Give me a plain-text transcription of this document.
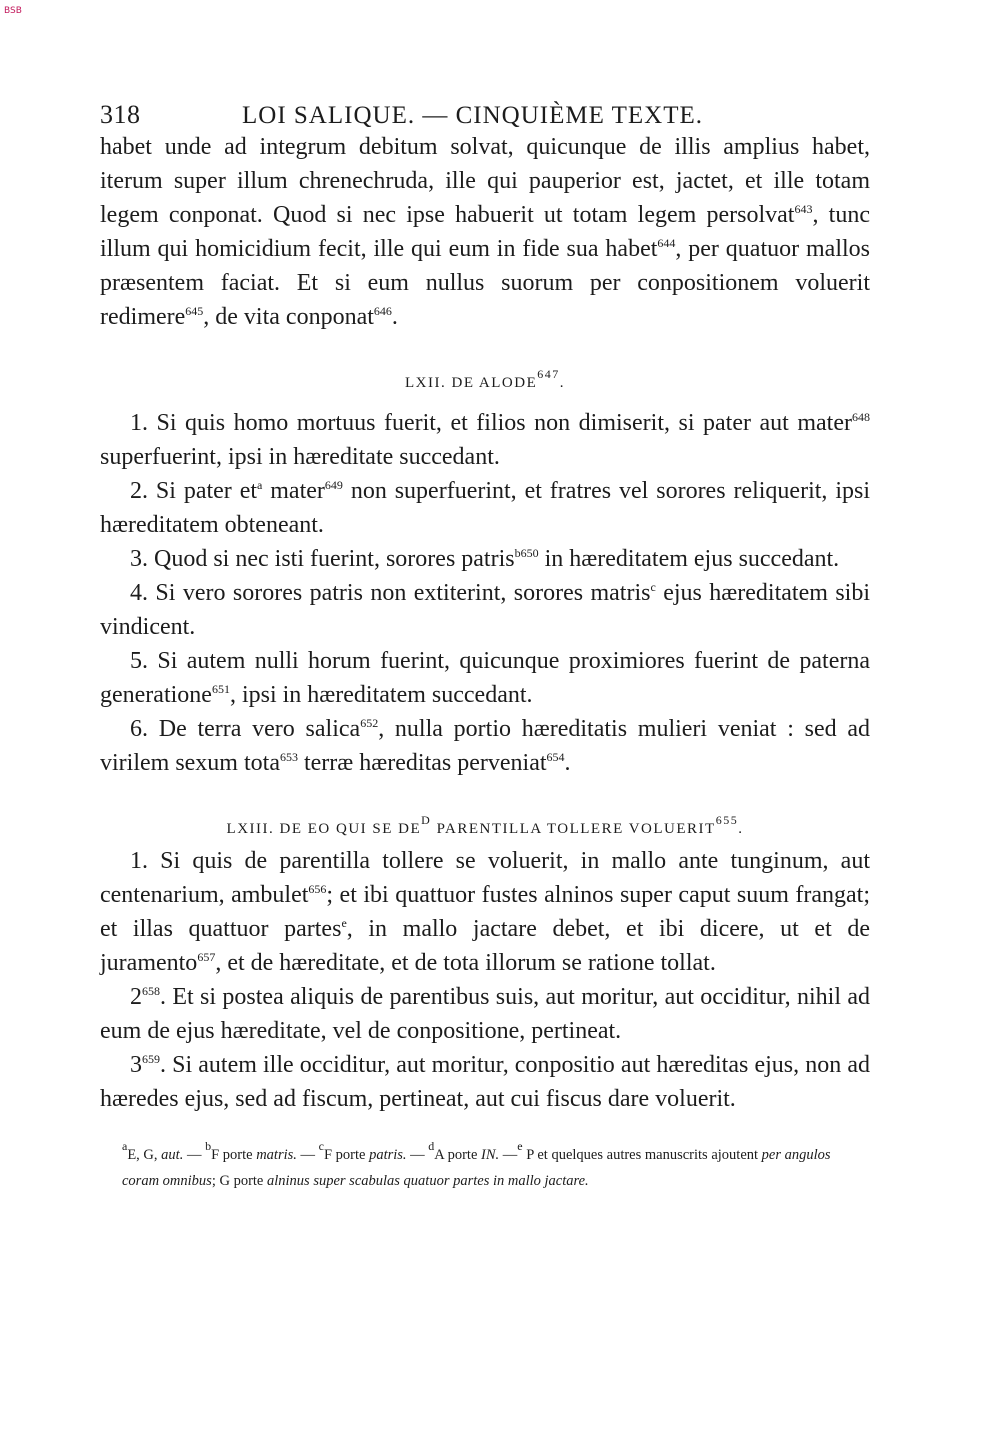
BSB
318	LOI SALIQUE. — CINQUIÈME TEXTE.

habet unde ad integrum debitum solvat, quicunque de illis amplius habet, iterum super illum chrenechruda, ille qui pauperior est, jactet, et ille totam legem conponat. Quod si nec ipse habuerit ut totam legem persolvat$^{643}$, tunc illum qui homicidium fecit, ille qui eum in fide sua habet$^{644}$, per quatuor mallos præsentem faciat. Et si eum nullus suorum per conpositionem voluerit redimere$^{645}$, de vita conponat$^{646}$.

LXII. DE ALODE$^{647}$.

1. Si quis homo mortuus fuerit, et filios non dimiserit, si pater aut mater$^{648}$ superfuerint, ipsi in hæreditate succedant.

2. Si pater $et^a$ mater$^{649}$ non superfuerint, et fratres vel sorores reliquerit, ipsi hæreditatem obteneant.

3. Quod si nec isti fuerint, sorores patris$^{b650}$ in hæreditatem ejus succedant.

4. Si vero sorores patris non extiterint, sorores matris$^c$ ejus hæreditatem sibi vindicent.

5. Si autem nulli horum fuerint, quicunque proximiores fuerint de paterna generatione$^{651}$, ipsi in hæreditatem succedant.

6. De terra vero salica$^{652}$, nulla portio hæreditatis mulieri veniat : sed ad virilem sexum tota$^{653}$ terræ hæreditas perveniat$^{654}$.

LXIII. DE EO QUI SE $DE^D$ PARENTILLA TOLLERE VOLUERIT$^{655}$.

1. Si quis de parentilla tollere se voluerit, in mallo ante tunginum, aut centenarium, ambulet$^{656}$; et ibi quattuor fustes alninos super caput suum frangat; et illas quattuor partes$^e$, in mallo jactare debet, et ibi dicere, ut et de juramento$^{657}$, et de hæreditate, et de tota illorum se ratione tollat.

$2^{658}$. Et si postea aliquis de parentibus suis, aut moritur, aut occiditur, nihil ad eum de ejus hæreditate, vel de conpositione, pertineat.

$3^{659}$. Si autem ille occiditur, aut moritur, conpositio aut hæreditas ejus, non ad hæredes ejus, sed ad fiscum, pertineat, aut cui fiscus dare voluerit.

$^a$E, G, aut. — $^b$F porte matris. — $^c$F porte patris. — $^d$A porte IN. —$^e$ P et quelques autres manuscrits ajoutent per angulos coram omnibus; G porte alninus super scabulas quatuor partes in mallo jactare.
